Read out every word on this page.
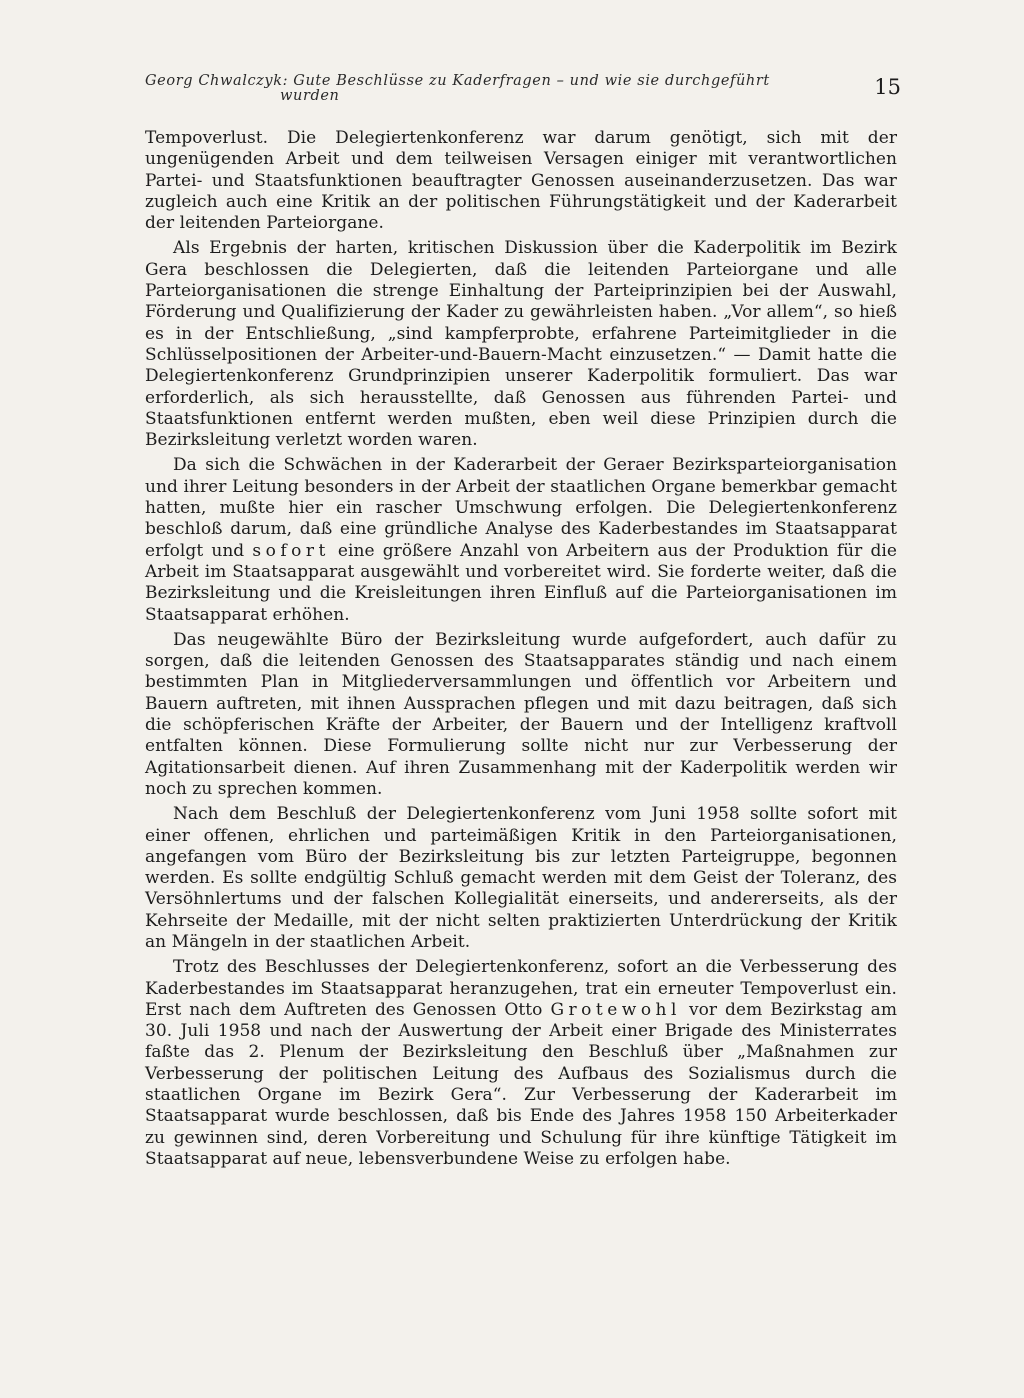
Georg Chwalczyk: Gute Beschlüsse zu Kaderfragen – und wie sie durchgeführt
wurden	15

Tempoverlust. Die Delegiertenkonferenz war darum genötigt, sich mit der ungenügenden Arbeit und dem teilweisen Versagen einiger mit verantwortlichen Partei- und Staatsfunktionen beauftragter Genossen auseinanderzusetzen. Das war zugleich auch eine Kritik an der politischen Führungstätigkeit und der Kaderarbeit der leitenden Parteiorgane.

Als Ergebnis der harten, kritischen Diskussion über die Kaderpolitik im Bezirk Gera beschlossen die Delegierten, daß die leitenden Parteiorgane und alle Parteiorganisationen die strenge Einhaltung der Parteiprinzipien bei der Auswahl, Förderung und Qualifizierung der Kader zu gewährleisten haben. „Vor allem“, so hieß es in der Entschließung, „sind kampferprobte, erfahrene Parteimitglieder in die Schlüsselpositionen der Arbeiter-und-Bauern-Macht einzusetzen.“ — Damit hatte die Delegiertenkonferenz Grundprinzipien unserer Kaderpolitik formuliert. Das war erforderlich, als sich herausstellte, daß Genossen aus führenden Partei- und Staatsfunktionen entfernt werden mußten, eben weil diese Prinzipien durch die Bezirksleitung verletzt worden waren.

Da sich die Schwächen in der Kaderarbeit der Geraer Bezirksparteiorganisation und ihrer Leitung besonders in der Arbeit der staatlichen Organe bemerkbar gemacht hatten, mußte hier ein rascher Umschwung erfolgen. Die Delegiertenkonferenz beschloß darum, daß eine gründliche Analyse des Kaderbestandes im Staatsapparat erfolgt und sofort eine größere Anzahl von Arbeitern aus der Produktion für die Arbeit im Staatsapparat ausgewählt und vorbereitet wird. Sie forderte weiter, daß die Bezirksleitung und die Kreisleitungen ihren Einfluß auf die Parteiorganisationen im Staatsapparat erhöhen.

Das neugewählte Büro der Bezirksleitung wurde aufgefordert, auch dafür zu sorgen, daß die leitenden Genossen des Staatsapparates ständig und nach einem bestimmten Plan in Mitgliederversammlungen und öffentlich vor Arbeitern und Bauern auftreten, mit ihnen Aussprachen pflegen und mit dazu beitragen, daß sich die schöpferischen Kräfte der Arbeiter, der Bauern und der Intelligenz kraftvoll entfalten können. Diese Formulierung sollte nicht nur zur Verbesserung der Agitationsarbeit dienen. Auf ihren Zusammenhang mit der Kaderpolitik werden wir noch zu sprechen kommen.

Nach dem Beschluß der Delegiertenkonferenz vom Juni 1958 sollte sofort mit einer offenen, ehrlichen und parteimäßigen Kritik in den Parteiorganisationen, angefangen vom Büro der Bezirksleitung bis zur letzten Parteigruppe, begonnen werden. Es sollte endgültig Schluß gemacht werden mit dem Geist der Toleranz, des Versöhnlertums und der falschen Kollegialität einerseits, und andererseits, als der Kehrseite der Medaille, mit der nicht selten praktizierten Unterdrückung der Kritik an Mängeln in der staatlichen Arbeit.

Trotz des Beschlusses der Delegiertenkonferenz, sofort an die Verbesserung des Kaderbestandes im Staatsapparat heranzugehen, trat ein erneuter Tempoverlust ein. Erst nach dem Auftreten des Genossen Otto Grotewohl vor dem Bezirkstag am 30. Juli 1958 und nach der Auswertung der Arbeit einer Brigade des Ministerrates faßte das 2. Plenum der Bezirksleitung den Beschluß über „Maßnahmen zur Verbesserung der politischen Leitung des Aufbaus des Sozialismus durch die staatlichen Organe im Bezirk Gera“. Zur Verbesserung der Kaderarbeit im Staatsapparat wurde beschlossen, daß bis Ende des Jahres 1958 150 Arbeiterkader zu gewinnen sind, deren Vorbereitung und Schulung für ihre künftige Tätigkeit im Staatsapparat auf neue, lebensverbundene Weise zu erfolgen habe.
